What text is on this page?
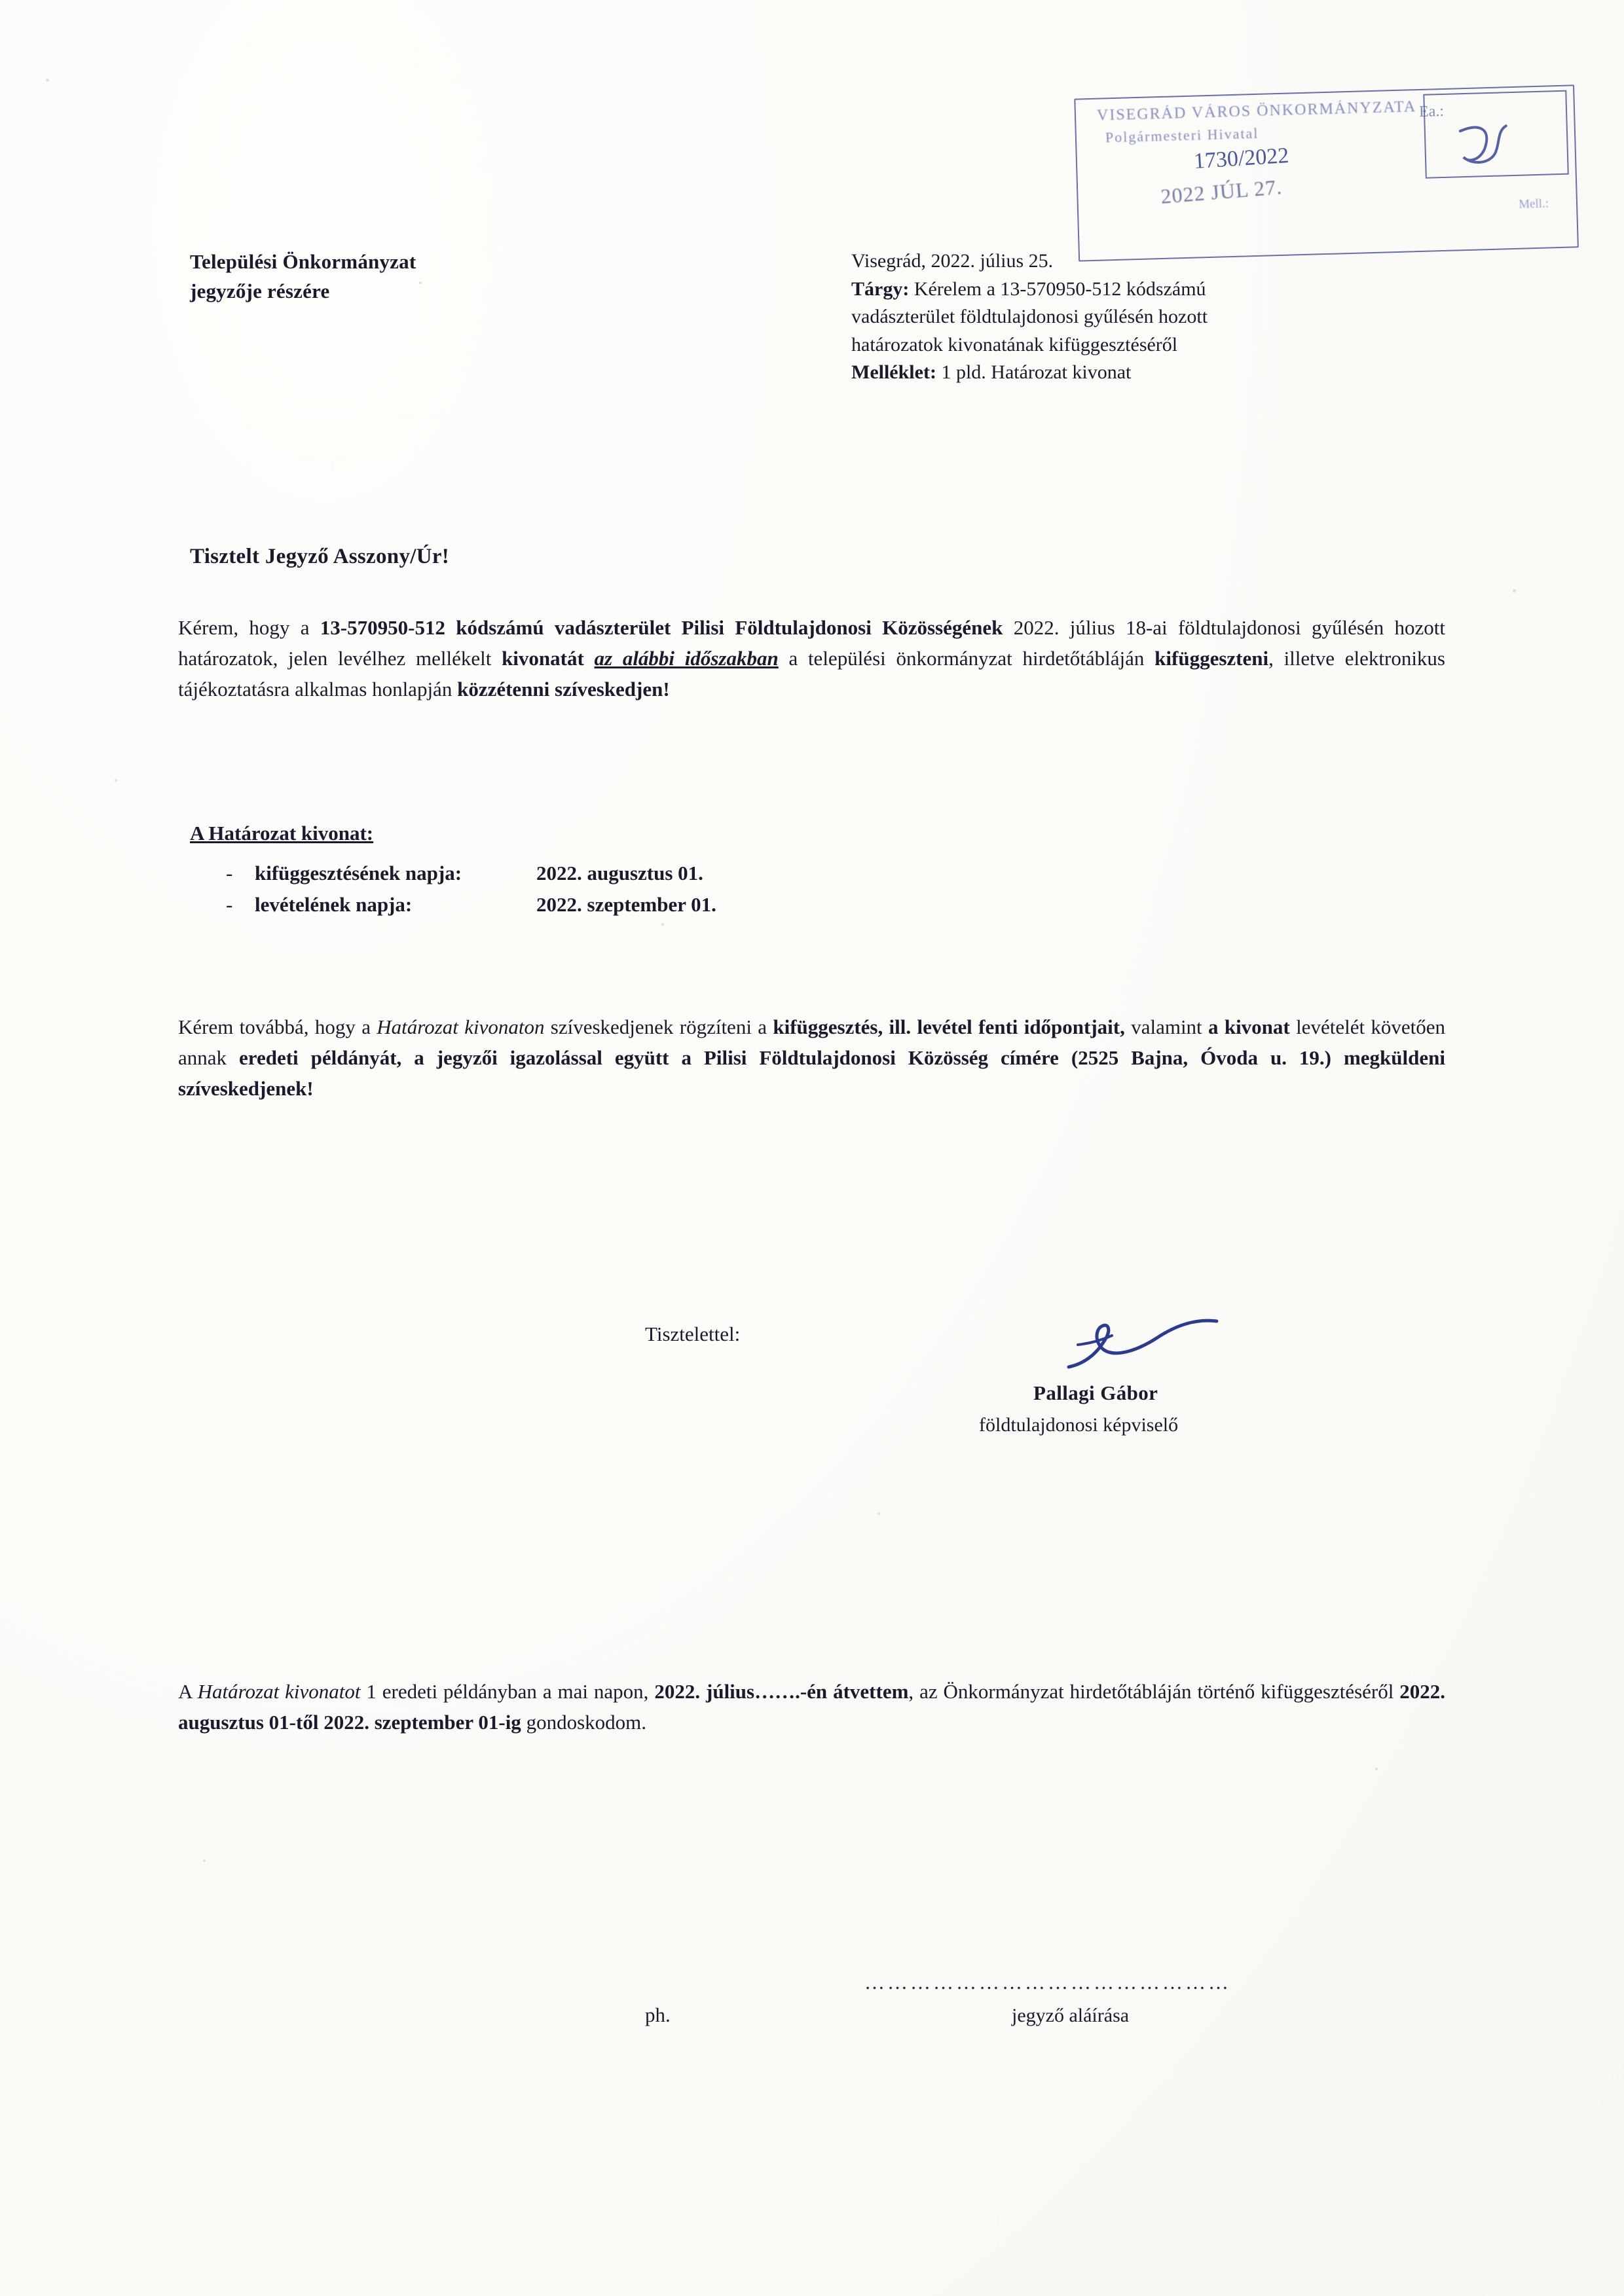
VISEGRÁD VÁROS ÖNKORMÁNYZATA
Polgármesteri Hivatal
Ea.:
1730/2022
2022 JÚL 27.	Mell.:
Települési Önkormányzat
jegyzője részére
Visegrád, 2022. július 25.
Tárgy: Kérelem a 13-570950-512 kódszámú
vadászterület földtulajdonosi gyűlésén hozott
határozatok kivonatának kifüggesztéséről
Melléklet: 1 pld. Határozat kivonat
Tisztelt Jegyző Asszony/Úr!
Kérem, hogy a 13-570950-512 kódszámú vadászterület Pilisi Földtulajdonosi Közösségének 2022. július 18-ai földtulajdonosi gyűlésén hozott határozatok, jelen levélhez mellékelt kivonatát az alábbi időszakban a települési önkormányzat hirdetőtábláján kifüggeszteni, illetve elektronikus tájékoztatásra alkalmas honlapján közzétenni szíveskedjen!
A Határozat kivonat:
-	kifüggesztésének napja:	2022. augusztus 01.
-	levételének napja:	2022. szeptember 01.
Kérem továbbá, hogy a Határozat kivonaton szíveskedjenek rögzíteni a kifüggesztés, ill. levétel fenti időpontjait, valamint a kivonat levételét követően annak eredeti példányát, a jegyzői igazolással együtt a Pilisi Földtulajdonosi Közösség címére (2525 Bajna, Óvoda u. 19.) megküldeni szíveskedjenek!
Tisztelettel:
Pallagi Gábor
földtulajdonosi képviselő
A Határozat kivonatot 1 eredeti példányban a mai napon, 2022. július…….-én átvettem, az Önkormányzat hirdetőtábláján történő kifüggesztéséről 2022. augusztus 01-től 2022. szeptember 01-ig gondoskodom.
ph.
…………………………………………
jegyző aláírása
